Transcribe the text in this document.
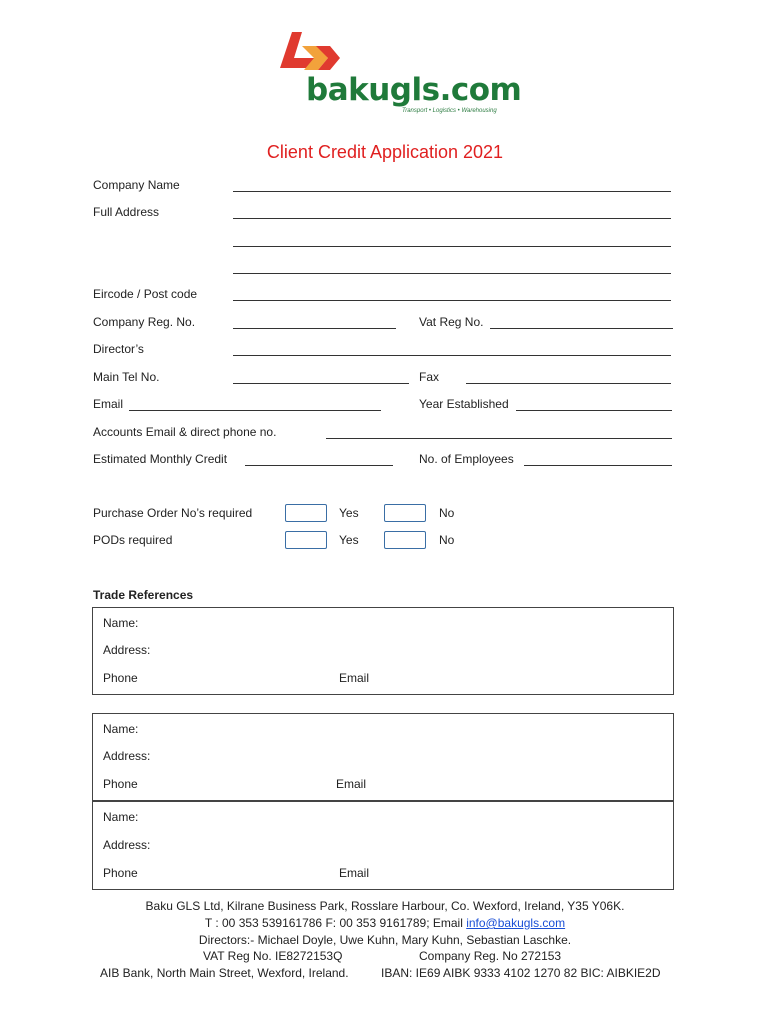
bakugls.com
Transport • Logistics • Warehousing
Client Credit Application 2021
Company Name
Full Address
Eircode / Post code
Company Reg. No.	Vat Reg No.
Director’s
Main Tel No.	Fax
Email	Year Established
Accounts Email & direct phone no.
Estimated Monthly Credit	No. of Employees
Purchase Order No’s required	Yes	No
PODs required	Yes	No
Trade References
Name:
Address:
Phone	Email
Name:
Address:
Phone	Email
Name:
Address:
Phone	Email
Baku GLS Ltd, Kilrane Business Park, Rosslare Harbour, Co. Wexford, Ireland, Y35 Y06K.
T : 00 353 539161786 F: 00 353 9161789; Email info@bakugls.com
Directors:- Michael Doyle, Uwe Kuhn, Mary Kuhn, Sebastian Laschke.
VAT Reg No. IE8272153Q	Company Reg. No 272153
AIB Bank, North Main Street, Wexford, Ireland.	IBAN: IE69 AIBK 9333 4102 1270 82 BIC: AIBKIE2D
